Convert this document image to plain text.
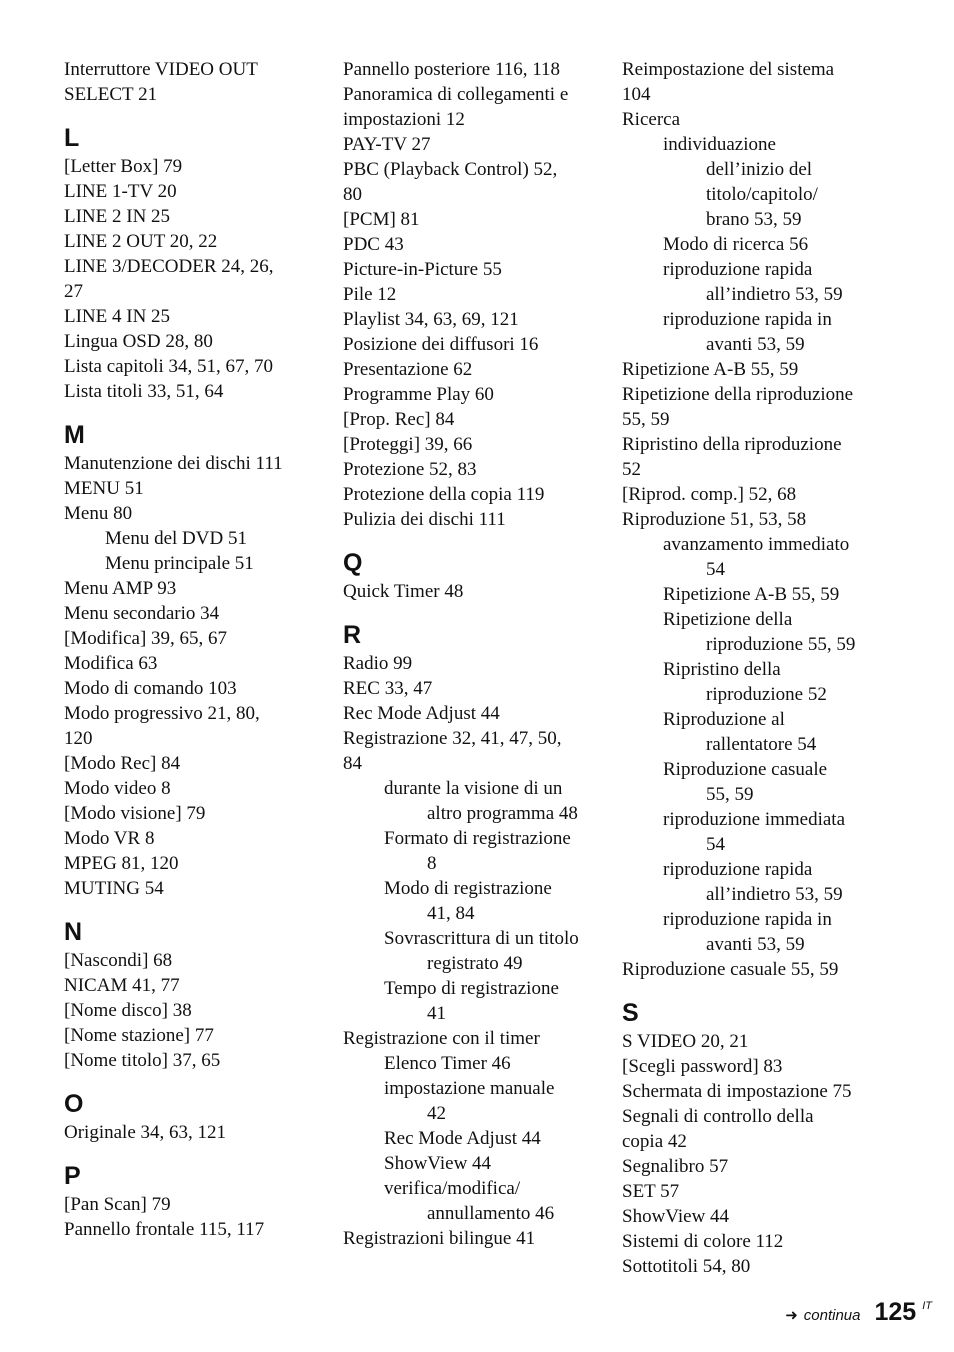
Interruttore VIDEO OUT
SELECT 21
L
[Letter Box] 79
LINE 1-TV 20
LINE 2 IN 25
LINE 2 OUT 20, 22
LINE 3/DECODER 24, 26,
27
LINE 4 IN 25
Lingua OSD 28, 80
Lista capitoli 34, 51, 67, 70
Lista titoli 33, 51, 64
M
Manutenzione dei dischi 111
MENU 51
Menu 80
Menu del DVD 51
Menu principale 51
Menu AMP 93
Menu secondario 34
[Modifica] 39, 65, 67
Modifica 63
Modo di comando 103
Modo progressivo 21, 80,
120
[Modo Rec] 84
Modo video 8
[Modo visione] 79
Modo VR 8
MPEG 81, 120
MUTING 54
N
[Nascondi] 68
NICAM 41, 77
[Nome disco] 38
[Nome stazione] 77
[Nome titolo] 37, 65
O
Originale 34, 63, 121
P
[Pan Scan] 79
Pannello frontale 115, 117
Pannello posteriore 116, 118
Panoramica di collegamenti e
impostazioni 12
PAY-TV 27
PBC (Playback Control) 52,
80
[PCM] 81
PDC 43
Picture-in-Picture 55
Pile 12
Playlist 34, 63, 69, 121
Posizione dei diffusori 16
Presentazione 62
Programme Play 60
[Prop. Rec] 84
[Proteggi] 39, 66
Protezione 52, 83
Protezione della copia 119
Pulizia dei dischi 111
Q
Quick Timer 48
R
Radio 99
REC 33, 47
Rec Mode Adjust 44
Registrazione 32, 41, 47, 50,
84
durante la visione di un
altro programma 48
Formato di registrazione
8
Modo di registrazione
41, 84
Sovrascrittura di un titolo
registrato 49
Tempo di registrazione
41
Registrazione con il timer
Elenco Timer 46
impostazione manuale
42
Rec Mode Adjust 44
ShowView 44
verifica/modifica/
annullamento 46
Registrazioni bilingue 41
Reimpostazione del sistema
104
Ricerca
individuazione
dell’inizio del
titolo/capitolo/
brano 53, 59
Modo di ricerca 56
riproduzione rapida
all’indietro 53, 59
riproduzione rapida in
avanti 53, 59
Ripetizione A-B 55, 59
Ripetizione della riproduzione
55, 59
Ripristino della riproduzione
52
[Riprod. comp.] 52, 68
Riproduzione 51, 53, 58
avanzamento immediato
54
Ripetizione A-B 55, 59
Ripetizione della
riproduzione 55, 59
Ripristino della
riproduzione 52
Riproduzione al
rallentatore 54
Riproduzione casuale
55, 59
riproduzione immediata
54
riproduzione rapida
all’indietro 53, 59
riproduzione rapida in
avanti 53, 59
Riproduzione casuale 55, 59
S
S VIDEO 20, 21
[Scegli password] 83
Schermata di impostazione 75
Segnali di controllo della
copia 42
Segnalibro 57
SET 57
ShowView 44
Sistemi di colore 112
Sottotitoli 54, 80
➜ continua 125 IT
